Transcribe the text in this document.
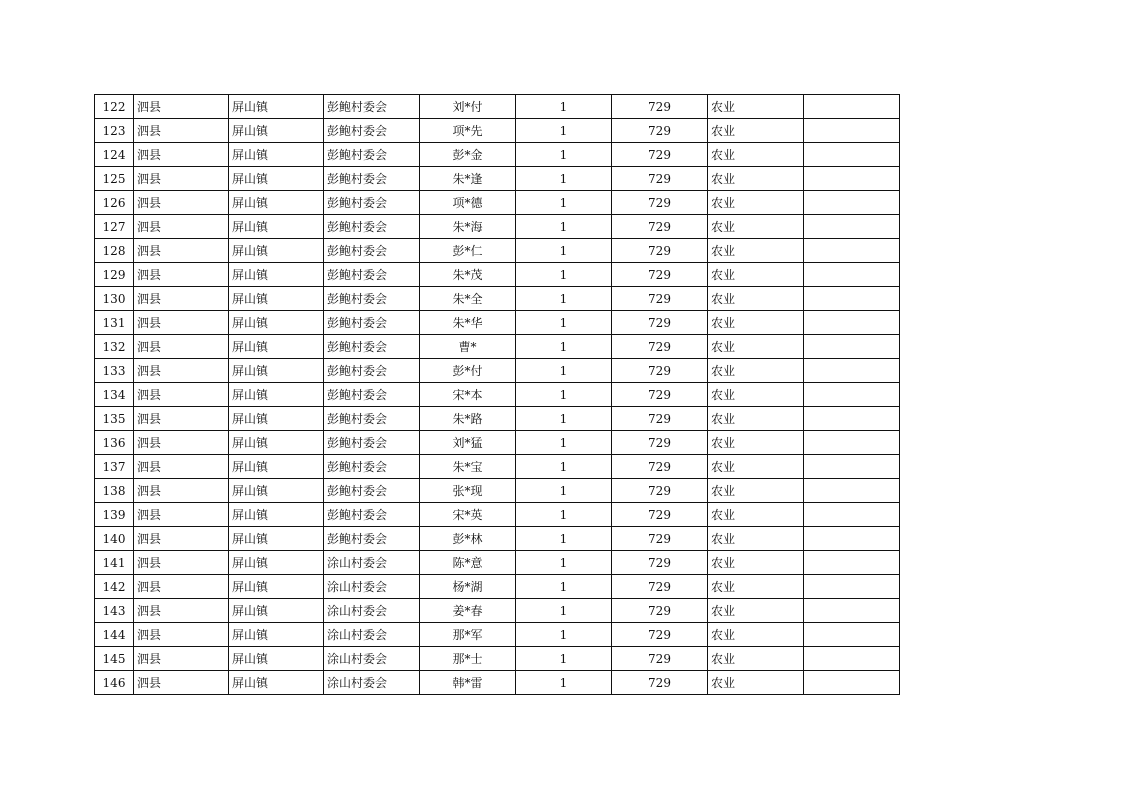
122	泗县	屏山镇	彭鲍村委会	刘*付	1	729	农业	
123	泗县	屏山镇	彭鲍村委会	项*先	1	729	农业	
124	泗县	屏山镇	彭鲍村委会	彭*金	1	729	农业	
125	泗县	屏山镇	彭鲍村委会	朱*逢	1	729	农业	
126	泗县	屏山镇	彭鲍村委会	项*德	1	729	农业	
127	泗县	屏山镇	彭鲍村委会	朱*海	1	729	农业	
128	泗县	屏山镇	彭鲍村委会	彭*仁	1	729	农业	
129	泗县	屏山镇	彭鲍村委会	朱*茂	1	729	农业	
130	泗县	屏山镇	彭鲍村委会	朱*全	1	729	农业	
131	泗县	屏山镇	彭鲍村委会	朱*华	1	729	农业	
132	泗县	屏山镇	彭鲍村委会	曹*	1	729	农业	
133	泗县	屏山镇	彭鲍村委会	彭*付	1	729	农业	
134	泗县	屏山镇	彭鲍村委会	宋*本	1	729	农业	
135	泗县	屏山镇	彭鲍村委会	朱*路	1	729	农业	
136	泗县	屏山镇	彭鲍村委会	刘*猛	1	729	农业	
137	泗县	屏山镇	彭鲍村委会	朱*宝	1	729	农业	
138	泗县	屏山镇	彭鲍村委会	张*现	1	729	农业	
139	泗县	屏山镇	彭鲍村委会	宋*英	1	729	农业	
140	泗县	屏山镇	彭鲍村委会	彭*林	1	729	农业	
141	泗县	屏山镇	涂山村委会	陈*意	1	729	农业	
142	泗县	屏山镇	涂山村委会	杨*湖	1	729	农业	
143	泗县	屏山镇	涂山村委会	姜*春	1	729	农业	
144	泗县	屏山镇	涂山村委会	那*军	1	729	农业	
145	泗县	屏山镇	涂山村委会	那*士	1	729	农业	
146	泗县	屏山镇	涂山村委会	韩*雷	1	729	农业	
